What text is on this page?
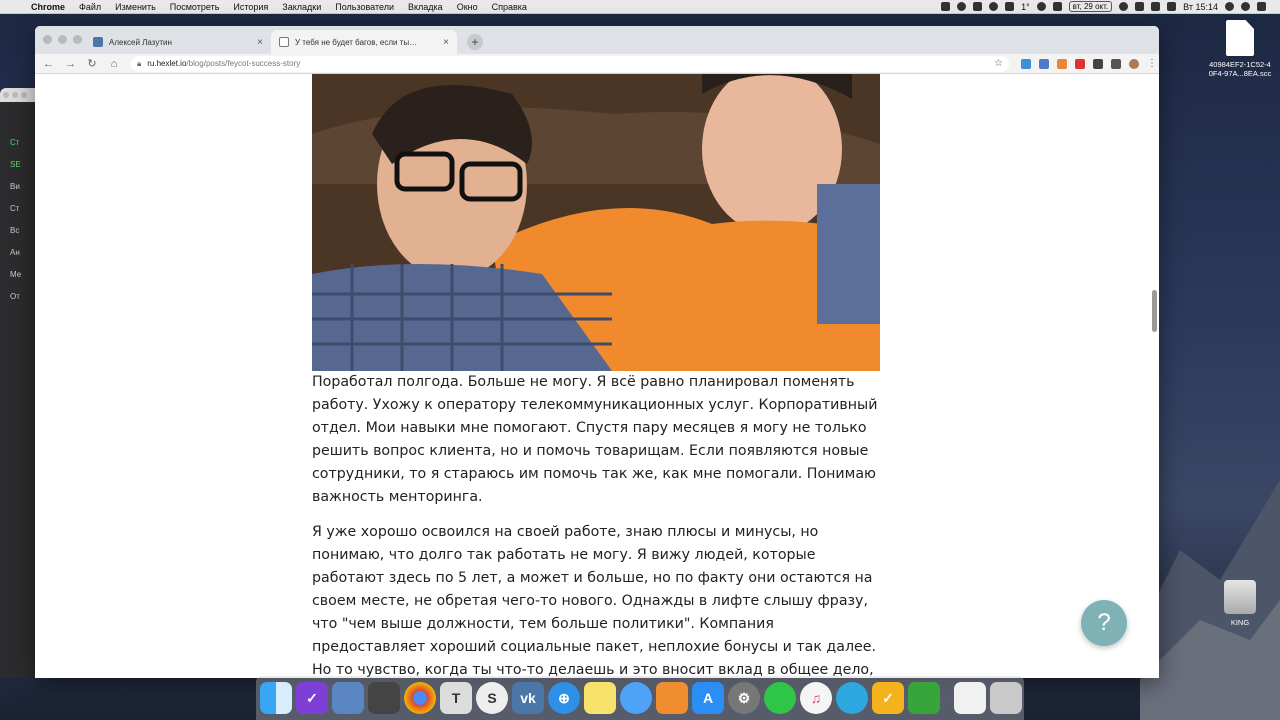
Chrome	Файл	Изменить	Посмотреть	История	Закладки	Пользователи	Вкладка	Окно	Справка	1°	вт, 29 окт.	Вт 15:14
Ст
SE
Ви
Ст
Вс
Ан
Ме
От
Алексей Лазутин	×	У тебя не будет багов, если ты…	×	+
← → ↻ ⌂ 🔒︎ ru.hexlet.io/blog/posts/feycot-success-story	☆	⋮

Поработал полгода. Больше не могу. Я всё равно планировал поменять работу. Ухожу к оператору телекоммуникационных услуг. Корпоративный отдел. Мои навыки мне помогают. Спустя пару месяцев я могу не только решить вопрос клиента, но и помочь товарищам. Если появляются новые сотрудники, то я стараюсь им помочь так же, как мне помогали. Понимаю важность менторинга.

Я уже хорошо освоился на своей работе, знаю плюсы и минусы, но понимаю, что долго так работать не могу. Я вижу людей, которые работают здесь по 5 лет, а может и больше, но по факту они остаются на своем месте, не обретая чего-то нового. Однажды в лифте слышу фразу, что "чем выше должности, тем больше политики". Компания предоставляет хороший социальные пакет, неплохие бонусы и так далее. Но то чувство, когда ты что-то делаешь и это вносит вклад в общее дело,

?
40984EF2-1C52-4
0F4-97A...8EA.scc
KING
✓	T	S	vk	⊕	A	⚙	♫	✓
